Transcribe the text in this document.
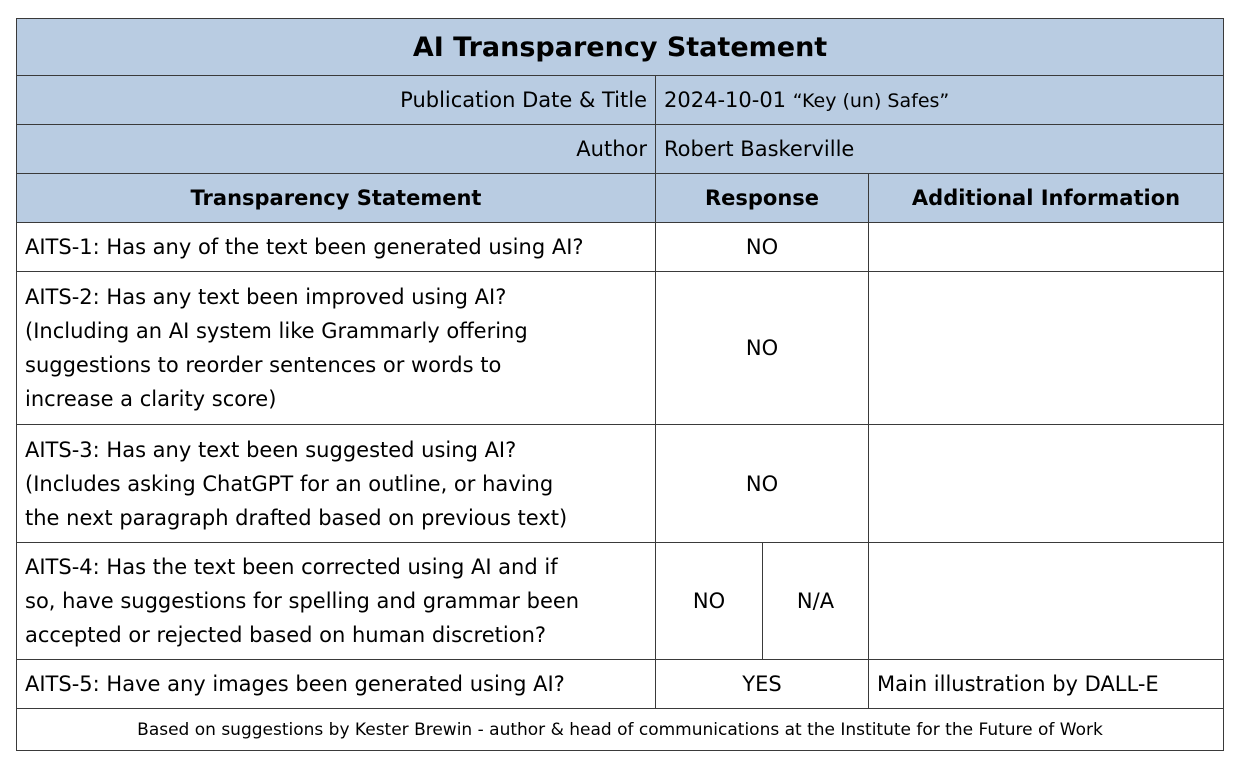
AI Transparency Statement			
Publication Date & Title	2024-10-01 “Key (un) Safes”		
Author	Robert Baskerville		
Transparency Statement	Response		Additional Information

AITS-1: Has any of the text been generated using AI?	NO		

AITS-2: Has any text been improved using AI?
(Including an AI system like Grammarly offering
suggestions to reorder sentences or words to
increase a clarity score)	NO		

AITS-3: Has any text been suggested using AI?
(Includes asking ChatGPT for an outline, or having
the next paragraph drafted based on previous text)	NO		

AITS-4: Has the text been corrected using AI and if
so, have suggestions for spelling and grammar been
accepted or rejected based on human discretion?	NO	N/A	

AITS-5: Have any images been generated using AI?	YES		Main illustration by DALL-E
Based on suggestions by Kester Brewin - author & head of communications at the Institute for the Future of Work			
